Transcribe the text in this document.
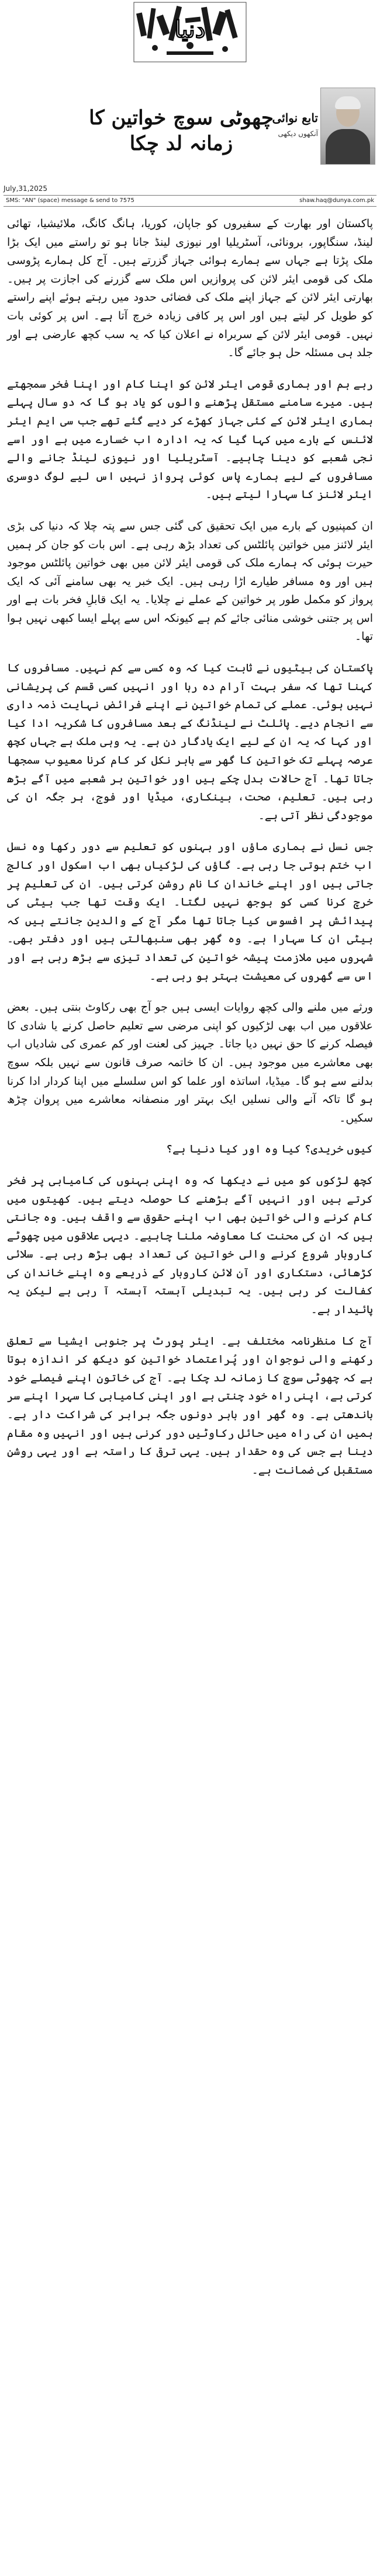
دنیا
چھوٹی سوچ خواتین کا زمانہ لد چکا
تابع نوائی
آنکھوں دیکھی
July,31,2025
SMS: "AN" (space) message & send to 7575	shaw.haq@dunya.com.pk

پاکستان اور بھارت کے سفیروں کو جاپان، کوریا، ہانگ کانگ، ملائیشیا، تھائی لینڈ، سنگاپور، برونائی، آسٹریلیا اور نیوزی لینڈ جانا ہو تو راستے میں ایک بڑا ملک پڑتا ہے جہاں سے ہمارے ہوائی جہاز گزرتے ہیں۔ آج کل ہمارے پڑوسی ملک کی قومی ایئر لائن کی پروازیں اس ملک سے گزرنے کی اجازت پر ہیں۔ بھارتی ایئر لائن کے جہاز اپنے ملک کی فضائی حدود میں رہتے ہوئے اپنے راستے کو طویل کر لیتے ہیں اور اس پر کافی زیادہ خرچ آتا ہے۔ اس پر کوئی بات نہیں۔ قومی ایئر لائن کے سربراہ نے اعلان کیا کہ یہ سب کچھ عارضی ہے اور جلد ہی مسئلہ حل ہو جائے گا۔

رہے ہم اور ہماری قومی ایئر لائن کو اپنا کام اور اپنا فخر سمجھتے ہیں۔ میرے سامنے مستقل پڑھنے والوں کو یاد ہو گا کہ دو سال پہلے ہماری ایئر لائن کے کئی جہاز کھڑے کر دیے گئے تھے جب سی ایم ایئر لائنس کے بارے میں کہا گیا کہ یہ ادارہ اب خسارے میں ہے اور اسے نجی شعبے کو دینا چاہیے۔ آسٹریلیا اور نیوزی لینڈ جانے والے مسافروں کے لیے ہمارے پاس کوئی پرواز نہیں اس لیے لوگ دوسری ایئر لائنز کا سہارا لیتے ہیں۔

ان کمپنیوں کے بارے میں ایک تحقیق کی گئی جس سے پتہ چلا کہ دنیا کی بڑی ایئر لائنز میں خواتین پائلٹس کی تعداد بڑھ رہی ہے۔ اس بات کو جان کر ہمیں حیرت ہوئی کہ ہمارے ملک کی قومی ایئر لائن میں بھی خواتین پائلٹس موجود ہیں اور وہ مسافر طیارے اڑا رہی ہیں۔ ایک خبر یہ بھی سامنے آئی کہ ایک پرواز کو مکمل طور پر خواتین کے عملے نے چلایا۔ یہ ایک قابلِ فخر بات ہے اور اس پر جتنی خوشی منائی جائے کم ہے کیونکہ اس سے پہلے ایسا کبھی نہیں ہوا تھا۔

پاکستان کی بیٹیوں نے ثابت کیا کہ وہ کسی سے کم نہیں۔ مسافروں کا کہنا تھا کہ سفر بہت آرام دہ رہا اور انہیں کسی قسم کی پریشانی نہیں ہوئی۔ عملے کی تمام خواتین نے اپنے فرائض نہایت ذمہ داری سے انجام دیے۔ پائلٹ نے لینڈنگ کے بعد مسافروں کا شکریہ ادا کیا اور کہا کہ یہ ان کے لیے ایک یادگار دن ہے۔ یہ وہی ملک ہے جہاں کچھ عرصہ پہلے تک خواتین کا گھر سے باہر نکل کر کام کرنا معیوب سمجھا جاتا تھا۔ آج حالات بدل چکے ہیں اور خواتین ہر شعبے میں آگے بڑھ رہی ہیں۔ تعلیم، صحت، بینکاری، میڈیا اور فوج، ہر جگہ ان کی موجودگی نظر آتی ہے۔

جس نسل نے ہماری ماؤں اور بہنوں کو تعلیم سے دور رکھا وہ نسل اب ختم ہوتی جا رہی ہے۔ گاؤں کی لڑکیاں بھی اب اسکول اور کالج جاتی ہیں اور اپنے خاندان کا نام روشن کرتی ہیں۔ ان کی تعلیم پر خرچ کرنا کسی کو بوجھ نہیں لگتا۔ ایک وقت تھا جب بیٹی کی پیدائش پر افسوس کیا جاتا تھا مگر آج کے والدین جانتے ہیں کہ بیٹی ان کا سہارا ہے۔ وہ گھر بھی سنبھالتی ہیں اور دفتر بھی۔ شہروں میں ملازمت پیشہ خواتین کی تعداد تیزی سے بڑھ رہی ہے اور اس سے گھروں کی معیشت بہتر ہو رہی ہے۔

ورثے میں ملنے والی کچھ روایات ایسی ہیں جو آج بھی رکاوٹ بنتی ہیں۔ بعض علاقوں میں اب بھی لڑکیوں کو اپنی مرضی سے تعلیم حاصل کرنے یا شادی کا فیصلہ کرنے کا حق نہیں دیا جاتا۔ جہیز کی لعنت اور کم عمری کی شادیاں اب بھی معاشرے میں موجود ہیں۔ ان کا خاتمہ صرف قانون سے نہیں بلکہ سوچ بدلنے سے ہو گا۔ میڈیا، اساتذہ اور علما کو اس سلسلے میں اپنا کردار ادا کرنا ہو گا تاکہ آنے والی نسلیں ایک بہتر اور منصفانہ معاشرے میں پروان چڑھ سکیں۔

کیوں خریدی؟ کیا وہ اور کیا دنیا ہے؟

کچھ لڑکوں کو میں نے دیکھا کہ وہ اپنی بہنوں کی کامیابی پر فخر کرتے ہیں اور انہیں آگے بڑھنے کا حوصلہ دیتے ہیں۔ کھیتوں میں کام کرنے والی خواتین بھی اب اپنے حقوق سے واقف ہیں۔ وہ جانتی ہیں کہ ان کی محنت کا معاوضہ ملنا چاہیے۔ دیہی علاقوں میں چھوٹے کاروبار شروع کرنے والی خواتین کی تعداد بھی بڑھ رہی ہے۔ سلائی کڑھائی، دستکاری اور آن لائن کاروبار کے ذریعے وہ اپنے خاندان کی کفالت کر رہی ہیں۔ یہ تبدیلی آہستہ آہستہ آ رہی ہے لیکن یہ پائیدار ہے۔

آج کا منظرنامہ مختلف ہے۔ ایئر پورٹ پر جنوبی ایشیا سے تعلق رکھنے والی نوجوان اور پُراعتماد خواتین کو دیکھ کر اندازہ ہوتا ہے کہ چھوٹی سوچ کا زمانہ لد چکا ہے۔ آج کی خاتون اپنے فیصلے خود کرتی ہے، اپنی راہ خود چنتی ہے اور اپنی کامیابی کا سہرا اپنے سر باندھتی ہے۔ وہ گھر اور باہر دونوں جگہ برابر کی شراکت دار ہے۔ ہمیں ان کی راہ میں حائل رکاوٹیں دور کرنی ہیں اور انہیں وہ مقام دینا ہے جس کی وہ حقدار ہیں۔ یہی ترقی کا راستہ ہے اور یہی روشن مستقبل کی ضمانت ہے۔
